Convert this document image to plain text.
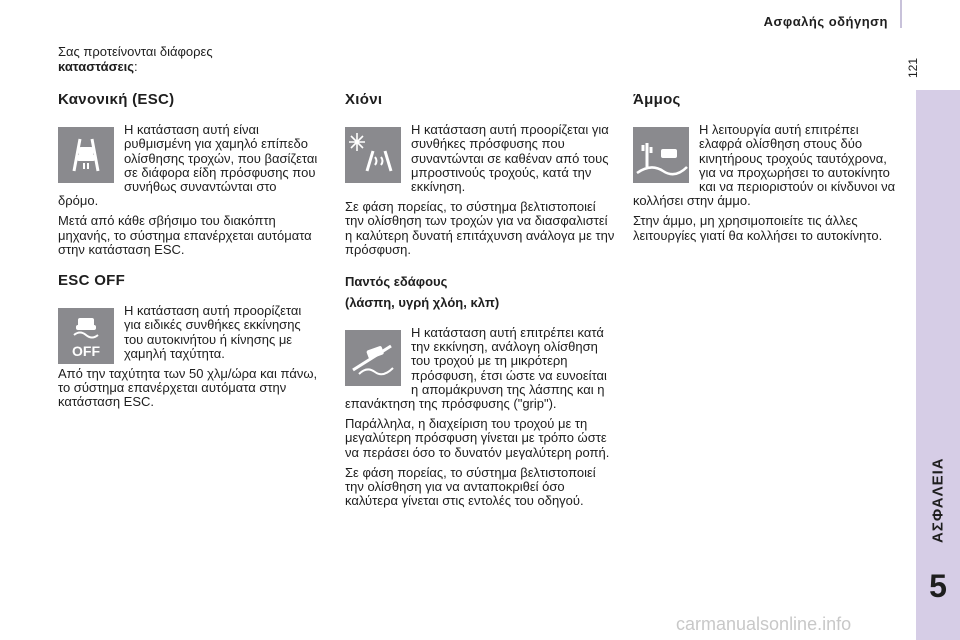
Ασφαλής οδήγηση
121
ΑΣΦΑΛΕΙΑ
5
Σας προτείνονται διάφορες
καταστάσεις:

Κανονική (ESC)

Η κατάσταση αυτή είναι ρυθμισμένη για χαμηλό επίπεδο ολίσθησης τροχών, που βασίζεται σε διάφορα είδη πρόσφυσης που συνήθως συναντώνται στο δρόμο.

Μετά από κάθε σβήσιμο του διακόπτη μηχανής, το σύστημα επανέρχεται αυτόματα στην κατάσταση ESC.

ESC OFF

OFF

Η κατάσταση αυτή προορίζεται για ειδικές συνθήκες εκκίνησης του αυτοκινήτου ή κίνησης με χαμηλή ταχύτητα.

Από την ταχύτητα των 50 χλμ/ώρα και πάνω, το σύστημα επανέρχεται αυτόματα στην κατάσταση ESC.

Χιόνι

Η κατάσταση αυτή προορίζεται για συνθήκες πρόσφυσης που συναντώνται σε καθέναν από τους μπροστινούς τροχούς, κατά την εκκίνηση.

Σε φάση πορείας, το σύστημα βελτιστοποιεί την ολίσθηση των τροχών για να διασφαλιστεί η καλύτερη δυνατή επιτάχυνση ανάλογα με την πρόσφυση.

Παντός εδάφους

(λάσπη, υγρή χλόη, κλπ)

Η κατάσταση αυτή επιτρέπει κατά την εκκίνηση, ανάλογη ολίσθηση του τροχού με τη μικρότερη πρόσφυση, έτσι ώστε να ευνοείται η απομάκρυνση της λάσπης και η επανάκτηση της πρόσφυσης ("grip").

Παράλληλα, η διαχείριση του τροχού με τη μεγαλύτερη πρόσφυση γίνεται με τρόπο ώστε να περάσει όσο το δυνατόν μεγαλύτερη ροπή.

Σε φάση πορείας, το σύστημα βελτιστοποιεί την ολίσθηση για να ανταποκριθεί όσο καλύτερα γίνεται στις εντολές του οδηγού.

Άμμος

Η λειτουργία αυτή επιτρέπει ελαφρά ολίσθηση στους δύο κινητήρους τροχούς ταυτόχρονα, για να προχωρήσει το αυτοκίνητο και να περιοριστούν οι κίνδυνοι να κολλήσει στην άμμο.

Στην άμμο, μη χρησιμοποιείτε τις άλλες λειτουργίες γιατί θα κολλήσει το αυτοκίνητο.

carmanualsonline.info
